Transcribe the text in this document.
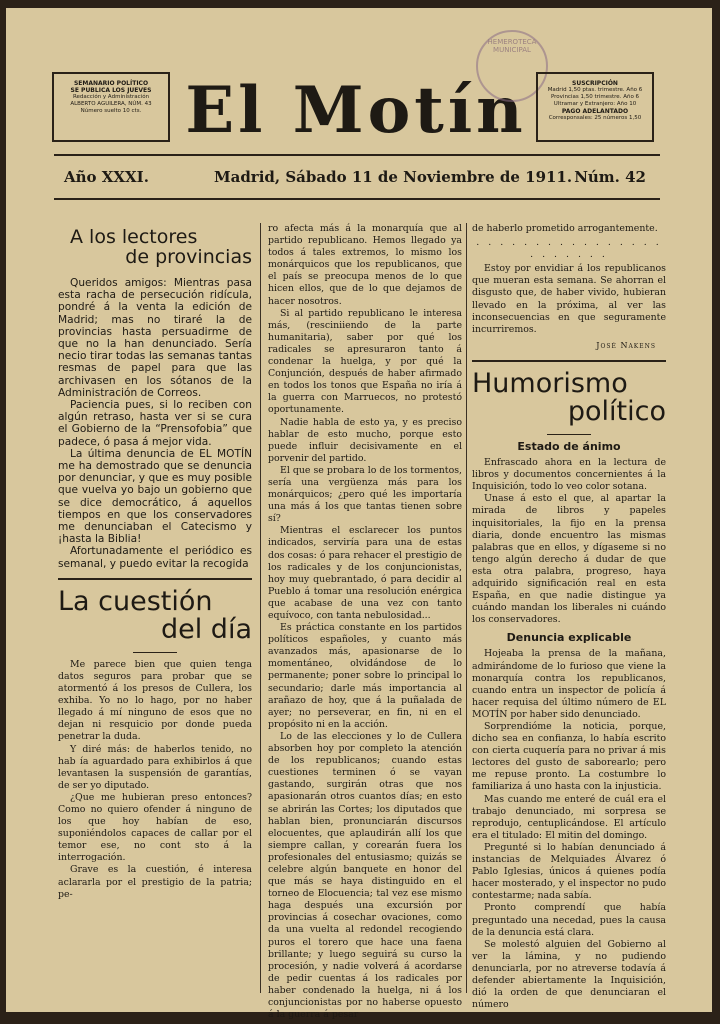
SEMANARIO POLÍTICO
SE PUBLICA LOS JUEVES
Redacción y Administración
ALBERTO AGUILERA, NÚM. 43
Número suelto 10 cts. El Motín
HEMEROTECA MUNICIPAL
SUSCRIPCIÓN
Madrid 1,50 ptas. trimestre. Año 6
Provincias 1,50 trimestre. Año 6
Ultramar y Extranjero: Año 10
PAGO ADELANTADO
Corresponsales: 25 números 1,50
Año XXXI.	Madrid, Sábado 11 de Noviembre de 1911. Núm. 42
A los lectores
de provincias

Queridos amigos: Mientras pasa esta racha de persecución ridícula, pondré á la venta la edición de Madrid; mas no tiraré la de provincias hasta persuadirme de que no la han denunciado. Sería necio tirar todas las semanas tantas resmas de papel para que las archivasen en los sótanos de la Administración de Correos.

Paciencia pues, si lo reciben con algún retraso, hasta ver si se cura el Gobierno de la “Prensofobia” que padece, ó pasa á mejor vida.

La última denuncia de EL MOTÍN me ha demostrado que se denuncia por denunciar, y que es muy posible que vuelva yo bajo un gobierno que se dice democrático, á aquellos tiempos en que los conservadores me denunciaban el Catecismo y ¡hasta la Biblia!

Afortunadamente el periódico es semanal, y puedo evitar la recogida

La cuestión
del día

Me parece bien que quien tenga datos seguros para probar que se atormentó á los presos de Cullera, los exhiba. Yo no lo hago, por no haber llegado á mí ninguno de esos que no dejan ni resquicio por donde pueda penetrar la duda.

Y diré más: de haberlos tenido, no hab ía aguardado para exhibirlos á que levantasen la suspensión de garantías, de ser yo diputado.

¿Que me hubieran preso entonces? Como no quiero ofender á ninguno de los que hoy habían de eso, suponiéndolos capaces de callar por el temor ese, no cont sto á la interrogación.

Grave es la cuestión, é interesa aclararla por el prestigio de la patria; pe-

ro afecta más á la monarquía que al partido republicano. Hemos llegado ya todos á tales extremos, lo mismo los monárquicos que los republicanos, que el país se preocupa menos de lo que hicen ellos, que de lo que dejamos de hacer nosotros.

Si al partido republicano le interesa más, (resciniiendo de la parte humanitaria), saber por qué los radicales se apresuraron tanto á condenar la huelga, y por qué la Conjunción, después de haber afirmado en todos los tonos que España no iría á la guerra con Marruecos, no protestó oportunamente.

Nadie habla de esto ya, y es preciso hablar de esto mucho, porque esto puede influir decisivamente en el porvenir del partido.

El que se probara lo de los tormentos, sería una vergüenza más para los monárquicos; ¿pero qué les importaría una más á los que tantas tienen sobre sí?

Mientras el esclarecer los puntos indicados, serviría para una de estas dos cosas: ó para rehacer el prestigio de los radicales y de los conjuncionistas, hoy muy quebrantado, ó para decidir al Pueblo á tomar una resolución enérgica que acabase de una vez con tanto equívoco, con tanta nebulosidad...

Es práctica constante en los partidos políticos españoles, y cuanto más avanzados más, apasionarse de lo momentáneo, olvidándose de lo permanente; poner sobre lo principal lo secundario; darle más importancia al arañazo de hoy, que á la puñalada de ayer; no perseverar, en fin, ni en el propósito ni en la acción.

Lo de las elecciones y lo de Cullera absorben hoy por completo la atención de los republicanos; cuando estas cuestiones terminen ó se vayan gastando, surgirán otras que nos apasionarán otros cuantos días; en esto se abrirán las Cortes; los diputados que hablan bien, pronunciarán discursos elocuentes, que aplaudirán allí los que siempre callan, y corearán fuera los profesionales del entusiasmo; quizás se celebre algún banquete en honor del que más se haya distinguido en el torneo de Elocuencia; tal vez ese mismo haga después una excursión por provincias á cosechar ovaciones, como da una vuelta al redondel recogiendo puros el torero que hace una faena brillante; y luego seguirá su curso la procesión, y nadie volverá á acordarse de pedir cuentas á los radicales por haber condenado la huelga, ni á los conjuncionistas por no haberse opuesto á la guerra á pesar

de haberlo prometido arrogantemente.

. . . . . . . . . . . . . . . . . . . . . . .

Estoy por envidiar á los republicanos que mueran esta semana. Se ahorran el disgusto que, de haber vivido, hubieran llevado en la próxima, al ver las inconsecuencias en que seguramente incurriremos.

José Nakens
Humorismo
político
Estado de ánimo

Enfrascado ahora en la lectura de libros y documentos concernientes á la Inquisición, todo lo veo color sotana.

Unase á esto el que, al apartar la mirada de libros y papeles inquisitoriales, la fijo en la prensa diaria, donde encuentro las mismas palabras que en ellos, y dígaseme si no tengo algún derecho á dudar de que esta otra palabra, progreso, haya adquirido significación real en esta España, en que nadie distingue ya cuándo mandan los liberales ni cuándo los conservadores.

Denuncia explicable

Hojeaba la prensa de la mañana, admirándome de lo furioso que viene la monarquía contra los republicanos, cuando entra un inspector de policía á hacer requisa del último número de EL MOTÍN por haber sido denunciado.

Sorprendióme la noticia, porque, dicho sea en confianza, lo había escrito con cierta cuquería para no privar á mis lectores del gusto de saborearlo; pero me repuse pronto. La costumbre lo familiariza á uno hasta con la injusticia.

Mas cuando me enteré de cuál era el trabajo denunciado, mi sorpresa se reprodujo, centuplicándose. El artículo era el titulado: El mitin del domingo.

Pregunté si lo habían denunciado á instancias de Melquiades Álvarez ó Pablo Iglesias, únicos á quienes podía hacer mosterado, y el inspector no pudo contestarme; nada sabía.

Pronto comprendí que había preguntado una necedad, pues la causa de la denuncia está clara.

Se molestó alguien del Gobierno al ver la lámina, y no pudiendo denunciarla, por no atreverse todavía á defender abiertamente la Inquisición, dió la orden de que denunciaran el número
